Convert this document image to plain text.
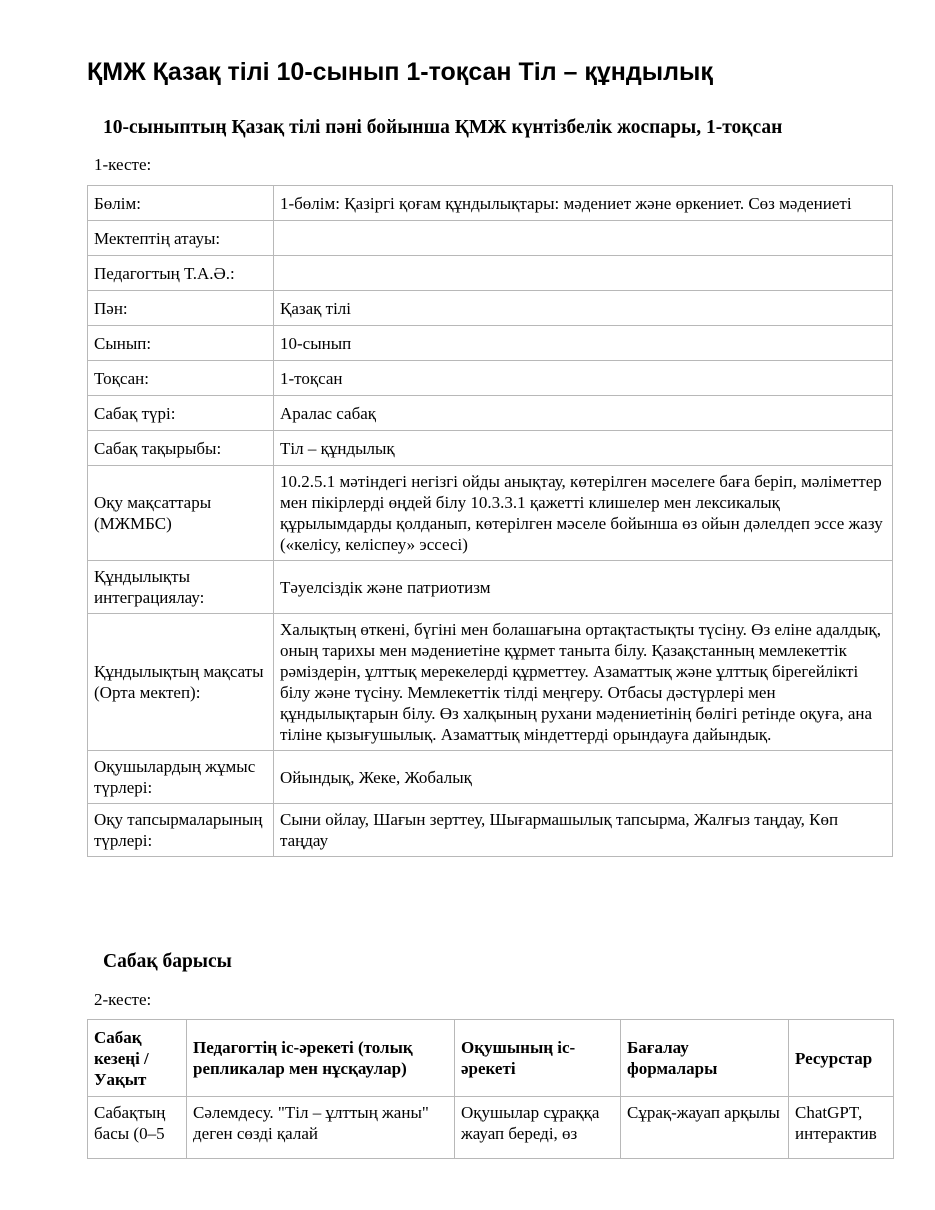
ҚМЖ Қазақ тілі 10-сынып 1-тоқсан Тіл – құндылық
10-сыныптың Қазақ тілі пәні бойынша ҚМЖ күнтізбелік жоспары, 1-тоқсан
1-кесте:
Бөлім:	1-бөлім: Қазіргі қоғам құндылықтары: мәдениет және өркениет. Сөз мәдениеті
Мектептің атауы:	
Педагогтың Т.А.Ә.:	
Пән:	Қазақ тілі
Сынып:	10-сынып
Тоқсан:	1-тоқсан
Сабақ түрі:	Аралас сабақ
Сабақ тақырыбы:	Тіл – құндылық
Оқу мақсаттары (МЖМБС)	10.2.5.1 мәтіндегі негізгі ойды анықтау, көтерілген мәселеге баға беріп, мәліметтер мен пікірлерді өңдей білу 10.3.3.1 қажетті клишелер мен лексикалық құрылымдарды қолданып, көтерілген мәселе бойынша өз ойын дәлелдеп эссе жазу («келісу, келіспеу» эссесі)
Құндылықты интеграциялау:	Тәуелсіздік және патриотизм
Құндылықтың мақсаты (Орта мектеп):	Халықтың өткені, бүгіні мен болашағына ортақтастықты түсіну. Өз еліне адалдық, оның тарихы мен мәдениетіне құрмет таныта білу. Қазақстанның мемлекеттік рәміздерін, ұлттық мерекелерді құрметтеу. Азаматтық және ұлттық бірегейлікті білу және түсіну. Мемлекеттік тілді меңгеру. Отбасы дәстүрлері мен құндылықтарын білу. Өз халқының рухани мәдениетінің бөлігі ретінде оқуға, ана тіліне қызығушылық. Азаматтық міндеттерді орындауға дайындық.
Оқушылардың жұмыс түрлері:	Ойындық, Жеке, Жобалық
Оқу тапсырмаларының түрлері:	Сыни ойлау, Шағын зерттеу, Шығармашылық тапсырма, Жалғыз таңдау, Көп таңдау
Сабақ барысы
2-кесте:
Сабақ кезеңі / Уақыт	Педагогтің іс-әрекеті (толық репликалар мен нұсқаулар)	Оқушының іс-әрекеті	Бағалау формалары	Ресурстар

Сабақтың басы (0–5	Сәлемдесу. "Тіл – ұлттың жаны" деген сөзді қалай	Оқушылар сұраққа жауап береді, өз	Сұрақ-жауап арқылы	ChatGPT, интерактив
